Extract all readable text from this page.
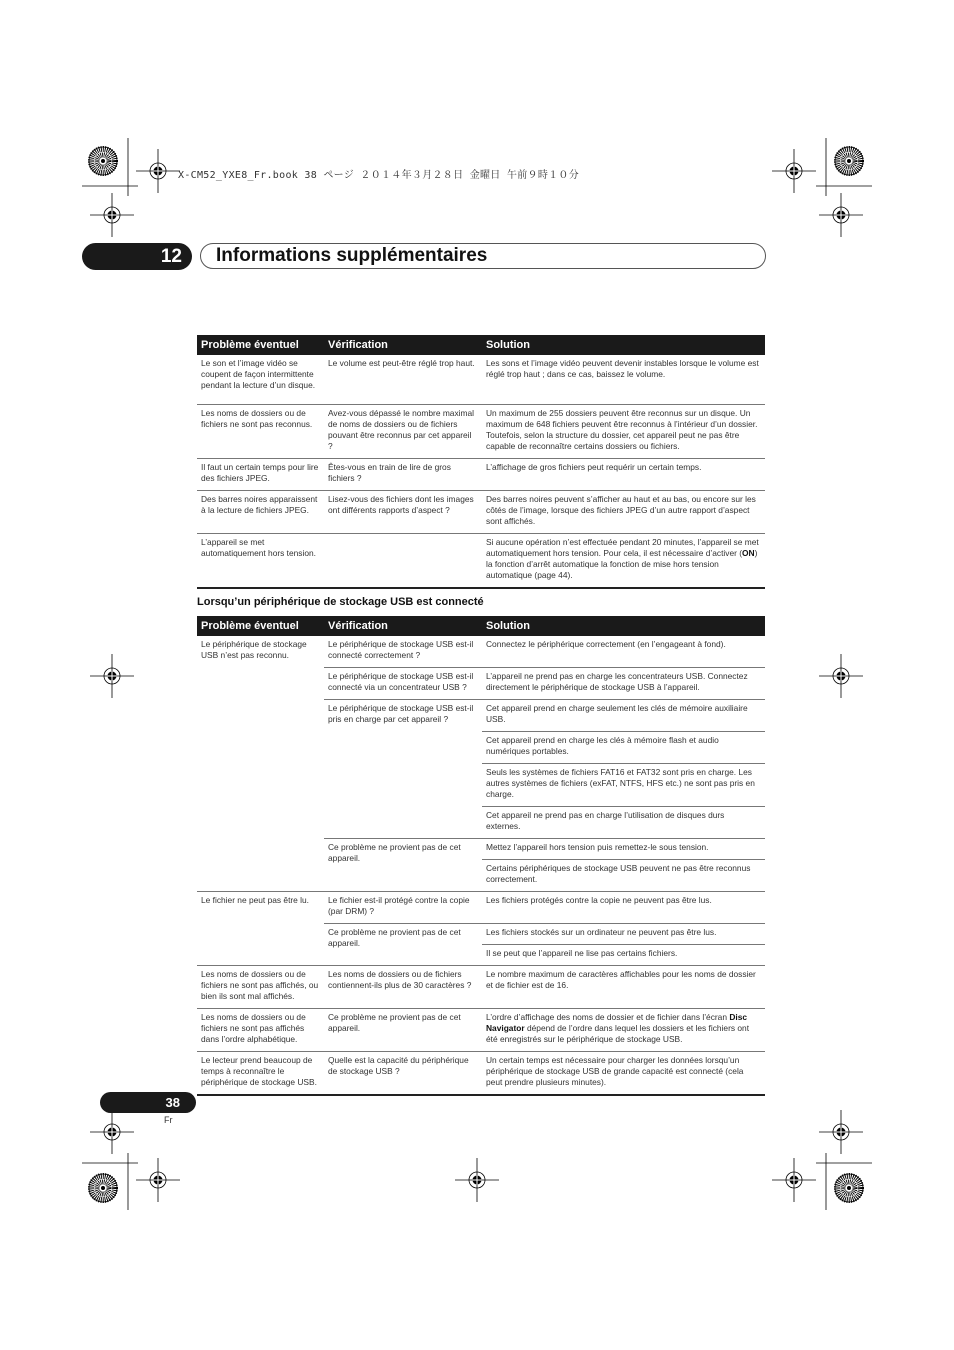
X-CM52_YXE8_Fr.book 38 ページ ２０１４年３月２８日 金曜日 午前９時１０分
12	Informations supplémentaires
Problème éventuel	Vérification	Solution
Le son et l’image vidéo se coupent de façon intermittente pendant la lecture d’un disque.	Le volume est peut-être réglé trop haut.	Les sons et l’image vidéo peuvent devenir instables lorsque le volume est réglé trop haut ; dans ce cas, baissez le volume.
Les noms de dossiers ou de fichiers ne sont pas reconnus.	Avez-vous dépassé le nombre maximal de noms de dossiers ou de fichiers pouvant être reconnus par cet appareil ?	Un maximum de 255 dossiers peuvent être reconnus sur un disque. Un maximum de 648 fichiers peuvent être reconnus à l’intérieur d’un dossier. Toutefois, selon la structure du dossier, cet appareil peut ne pas être capable de reconnaître certains dossiers ou fichiers.
Il faut un certain temps pour lire des fichiers JPEG.	Êtes-vous en train de lire de gros fichiers ?	L’affichage de gros fichiers peut requérir un certain temps.
Des barres noires apparaissent à la lecture de fichiers JPEG.	Lisez-vous des fichiers dont les images ont différents rapports d’aspect ?	Des barres noires peuvent s’afficher au haut et au bas, ou encore sur les côtés de l’image, lorsque des fichiers JPEG d’un autre rapport d’aspect sont affichés.
L’appareil se met automatiquement hors tension.		Si aucune opération n’est effectuée pendant 20 minutes, l’appareil se met automatiquement hors tension. Pour cela, il est nécessaire d’activer (ON) la fonction d’arrêt automatique la fonction de mise hors tension automatique (page 44).
Lorsqu’un périphérique de stockage USB est connecté
Problème éventuel	Vérification	Solution
Le périphérique de stockage USB n’est pas reconnu.	Le périphérique de stockage USB est-il connecté correctement ?	Connectez le périphérique correctement (en l’engageant à fond).
	Le périphérique de stockage USB est-il connecté via un concentrateur USB ?	L’appareil ne prend pas en charge les concentrateurs USB. Connectez directement le périphérique de stockage USB à l’appareil.
	Le périphérique de stockage USB est-il pris en charge par cet appareil ?	Cet appareil prend en charge seulement les clés de mémoire auxiliaire USB.
		Cet appareil prend en charge les clés à mémoire flash et audio numériques portables.
		Seuls les systèmes de fichiers FAT16 et FAT32 sont pris en charge. Les autres systèmes de fichiers (exFAT, NTFS, HFS etc.) ne sont pas pris en charge.
		Cet appareil ne prend pas en charge l’utilisation de disques durs externes.
	Ce problème ne provient pas de cet appareil.	Mettez l’appareil hors tension puis remettez-le sous tension.
		Certains périphériques de stockage USB peuvent ne pas être reconnus correctement.
Le fichier ne peut pas être lu.	Le fichier est-il protégé contre la copie (par DRM) ?	Les fichiers protégés contre la copie ne peuvent pas être lus.
	Ce problème ne provient pas de cet appareil.	Les fichiers stockés sur un ordinateur ne peuvent pas être lus.
		Il se peut que l’appareil ne lise pas certains fichiers.
Les noms de dossiers ou de fichiers ne sont pas affichés, ou bien ils sont mal affichés.	Les noms de dossiers ou de fichiers contiennent-ils plus de 30 caractères ?	Le nombre maximum de caractères affichables pour les noms de dossier et de fichier est de 16.
Les noms de dossiers ou de fichiers ne sont pas affichés dans l’ordre alphabétique.	Ce problème ne provient pas de cet appareil.	L’ordre d’affichage des noms de dossier et de fichier dans l’écran Disc Navigator dépend de l’ordre dans lequel les dossiers et les fichiers ont été enregistrés sur le périphérique de stockage USB.
Le lecteur prend beaucoup de temps à reconnaître le périphérique de stockage USB.	Quelle est la capacité du périphérique de stockage USB ?	Un certain temps est nécessaire pour charger les données lorsqu’un périphérique de stockage USB de grande capacité est connecté (cela peut prendre plusieurs minutes).
38
Fr
